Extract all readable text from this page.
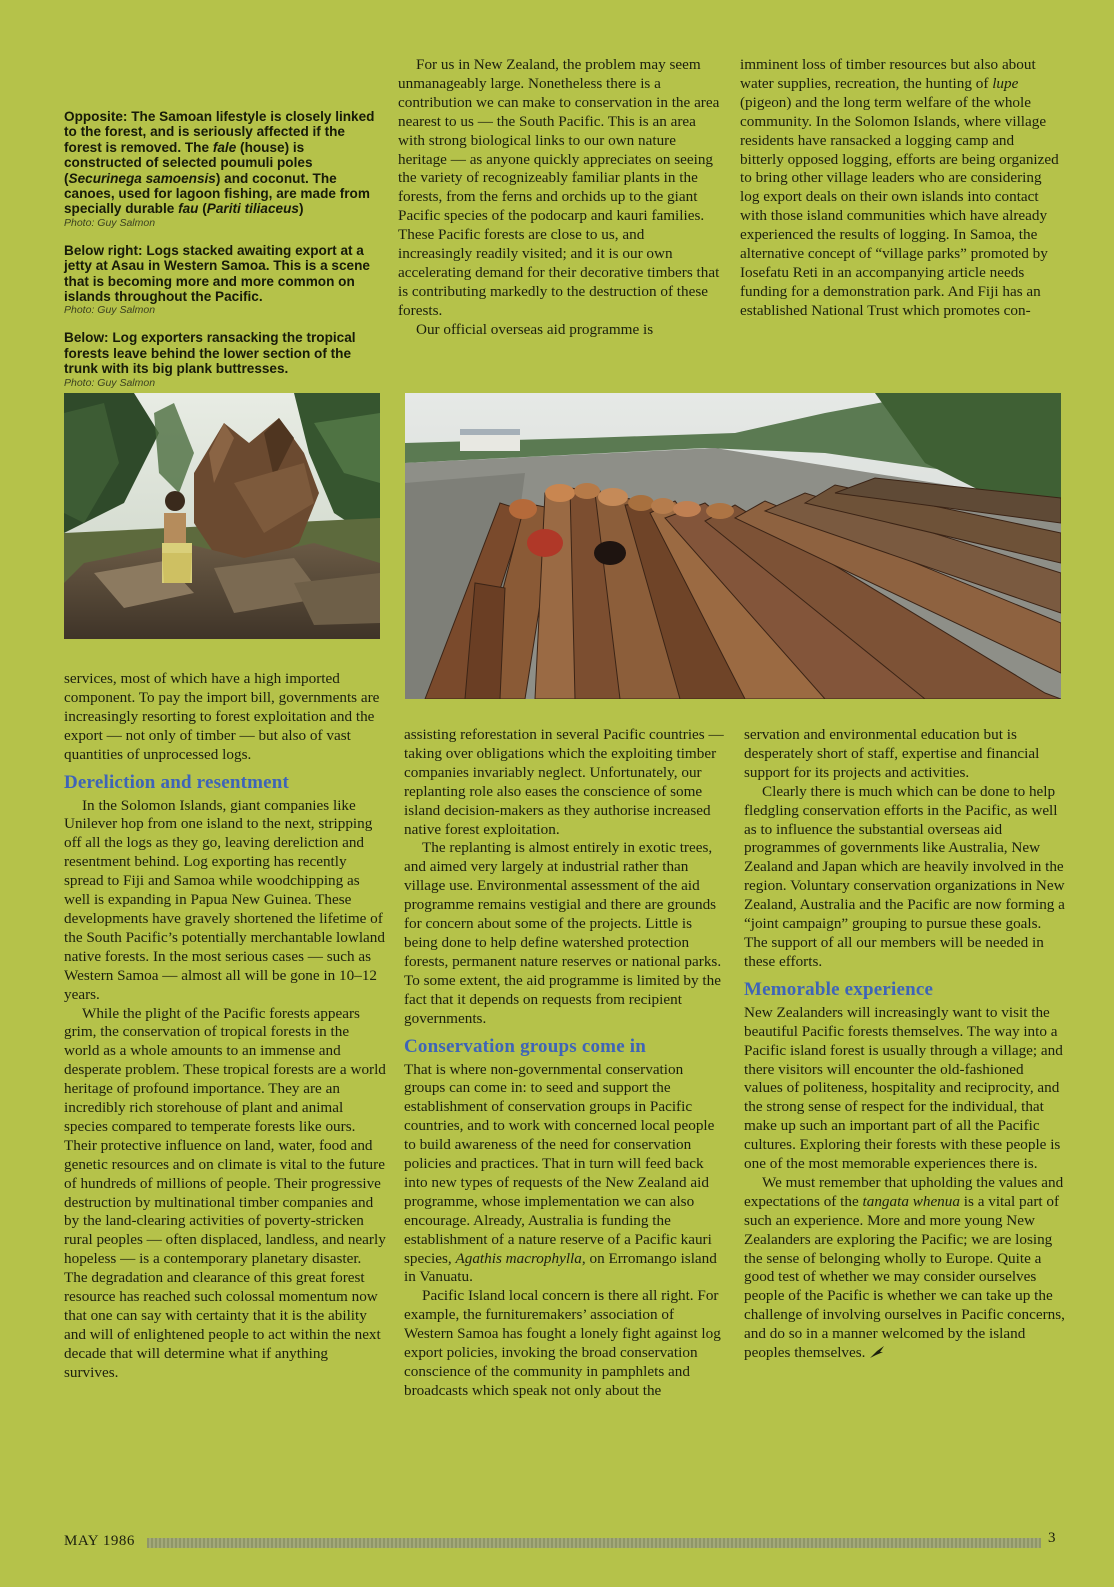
Opposite: The Samoan lifestyle is closely linked to the forest, and is seriously affected if the forest is removed. The fale (house) is constructed of selected poumuli poles (Securinega samoensis) and coconut. The canoes, used for lagoon fishing, are made from specially durable fau (Pariti tiliaceus)
Photo: Guy Salmon
Below right: Logs stacked awaiting export at a jetty at Asau in Western Samoa. This is a scene that is becoming more and more common on islands throughout the Pacific.
Photo: Guy Salmon
Below: Log exporters ransacking the tropical forests leave behind the lower section of the trunk with its big plank buttresses.
Photo: Guy Salmon

For us in New Zealand, the problem may seem unmanageably large. Nonetheless there is a contribution we can make to conservation in the area nearest to us — the South Pacific. This is an area with strong biological links to our own nature heritage — as anyone quickly appreciates on seeing the variety of recognizeably familiar plants in the forests, from the ferns and orchids up to the giant Pacific species of the podocarp and kauri families. These Pacific forests are close to us, and increasingly readily visited; and it is our own accelerating demand for their decorative timbers that is contributing markedly to the destruction of these forests.

Our official overseas aid programme is

imminent loss of timber resources but also about water supplies, recreation, the hunting of lupe (pigeon) and the long term welfare of the whole community. In the Solomon Islands, where village residents have ransacked a logging camp and bitterly opposed logging, efforts are being organized to bring other village leaders who are considering log export deals on their own islands into contact with those island communities which have already experienced the results of logging. In Samoa, the alternative concept of “village parks” promoted by Iosefatu Reti in an accompanying article needs funding for a demonstration park. And Fiji has an established National Trust which promotes con-

services, most of which have a high imported component. To pay the import bill, governments are increasingly resorting to forest exploitation and the export — not only of timber — but also of vast quantities of unprocessed logs.

Dereliction and resentment

In the Solomon Islands, giant companies like Unilever hop from one island to the next, stripping off all the logs as they go, leaving dereliction and resentment behind. Log exporting has recently spread to Fiji and Samoa while woodchipping as well is expanding in Papua New Guinea. These developments have gravely shortened the lifetime of the South Pacific’s potentially merchantable lowland native forests. In the most serious cases — such as Western Samoa — almost all will be gone in 10–12 years.

While the plight of the Pacific forests appears grim, the conservation of tropical forests in the world as a whole amounts to an immense and desperate problem. These tropical forests are a world heritage of profound importance. They are an incredibly rich storehouse of plant and animal species compared to temperate forests like ours. Their protective influence on land, water, food and genetic resources and on climate is vital to the future of hundreds of millions of people. Their progressive destruction by multinational timber companies and by the land-clearing activities of poverty-stricken rural peoples — often displaced, landless, and nearly hopeless — is a contemporary planetary disaster. The degradation and clearance of this great forest resource has reached such colossal momentum now that one can say with certainty that it is the ability and will of enlightened people to act within the next decade that will determine what if anything survives.

assisting reforestation in several Pacific countries — taking over obligations which the exploiting timber companies invariably neglect. Unfortunately, our replanting role also eases the conscience of some island decision-makers as they authorise increased native forest exploitation.

The replanting is almost entirely in exotic trees, and aimed very largely at industrial rather than village use. Environmental assessment of the aid programme remains vestigial and there are grounds for concern about some of the projects. Little is being done to help define watershed protection forests, permanent nature reserves or national parks. To some extent, the aid programme is limited by the fact that it depends on requests from recipient governments.

Conservation groups come in

That is where non-governmental conservation groups can come in: to seed and support the establishment of conservation groups in Pacific countries, and to work with concerned local people to build awareness of the need for conservation policies and practices. That in turn will feed back into new types of requests of the New Zealand aid programme, whose implementation we can also encourage. Already, Australia is funding the establishment of a nature reserve of a Pacific kauri species, Agathis macrophylla, on Erromango island in Vanuatu.

Pacific Island local concern is there all right. For example, the furnituremakers’ association of Western Samoa has fought a lonely fight against log export policies, invoking the broad conservation conscience of the community in pamphlets and broadcasts which speak not only about the

servation and environmental education but is desperately short of staff, expertise and financial support for its projects and activities.

Clearly there is much which can be done to help fledgling conservation efforts in the Pacific, as well as to influence the substantial overseas aid programmes of governments like Australia, New Zealand and Japan which are heavily involved in the region. Voluntary conservation organizations in New Zealand, Australia and the Pacific are now forming a “joint campaign” grouping to pursue these goals. The support of all our members will be needed in these efforts.

Memorable experience

New Zealanders will increasingly want to visit the beautiful Pacific forests themselves. The way into a Pacific island forest is usually through a village; and there visitors will encounter the old-fashioned values of politeness, hospitality and reciprocity, and the strong sense of respect for the individual, that make up such an important part of all the Pacific cultures. Exploring their forests with these people is one of the most memorable experiences there is.

We must remember that upholding the values and expectations of the tangata whenua is a vital part of such an experience. More and more young New Zealanders are exploring the Pacific; we are losing the sense of belonging wholly to Europe. Quite a good test of whether we may consider ourselves people of the Pacific is whether we can take up the challenge of involving ourselves in Pacific concerns, and do so in a manner welcomed by the island peoples themselves.

MAY 1986	3
